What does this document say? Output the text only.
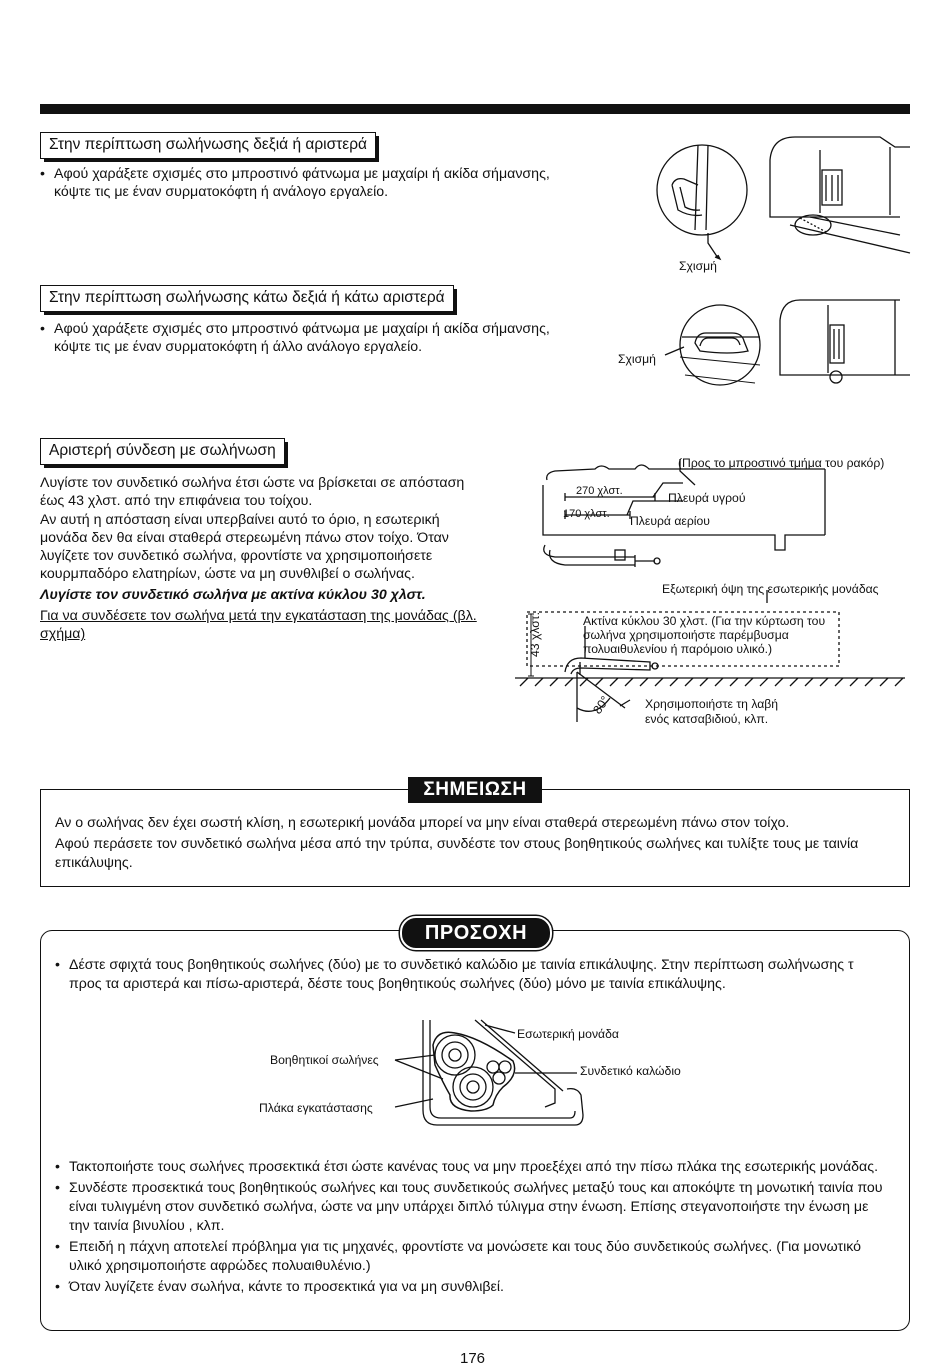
Στην περίπτωση σωλήνωσης δεξιά ή αριστερά
• Αφού χαράξετε σχισμές στο μπροστινό φάτνωμα με μαχαίρι ή ακίδα σήμανσης, κόψτε τις με έναν συρματοκόφτη ή ανάλογο εργαλείο.
Σχισμή
Στην περίπτωση σωλήνωσης κάτω δεξιά ή κάτω αριστερά
• Αφού χαράξετε σχισμές στο μπροστινό φάτνωμα με μαχαίρι ή ακίδα σήμανσης, κόψτε τις με έναν συρματοκόφτη ή άλλο ανάλογο εργαλείο.
Σχισμή
Αριστερή σύνδεση με σωλήνωση

Λυγίστε τον συνδετικό σωλήνα έτσι ώστε να βρίσκεται σε απόσταση έως 43 χλστ. από την επιφάνεια του τοίχου.

Αν αυτή η απόσταση είναι υπερβαίνει αυτό το όριο, η εσωτερική μονάδα δεν θα είναι σταθερά στερεωμένη πάνω στον τοίχο. Όταν λυγίζετε τον συνδετικό σωλήνα, φροντίστε να χρησιμοποιήσετε κουρμπαδόρο ελατηρίων, ώστε να μη συνθλιβεί ο σωλήνας.

Λυγίστε τον συνδετικό σωλήνα με ακτίνα κύκλου 30 χλστ.

Για να συνδέσετε τον σωλήνα μετά την εγκατάσταση της μονάδας (βλ. σχήμα)

(Προς το μπροστινό τμήμα του ρακόρ)
270 χλστ.	Πλευρά υγρού
170 χλστ. Πλευρά αερίου
Εξωτερική όψη της εσωτερικής μονάδας
43 χλστ.	Ακτίνα κύκλου 30 χλστ. (Για την κύρτωση του σωλήνα χρησιμοποιήστε παρέμβυσμα πολυαιθυλενίου ή παρόμοιο υλικό.)
80°	Χρησιμοποιήστε τη λαβή ενός κατσαβιδιού, κλπ.
ΣΗΜΕΙΩΣΗ
Αν ο σωλήνας δεν έχει σωστή κλίση, η εσωτερική μονάδα μπορεί να μην είναι σταθερά στερεωμένη πάνω στον τοίχο.
Αφού περάσετε τον συνδετικό σωλήνα μέσα από την τρύπα, συνδέστε τον στους βοηθητικούς σωλήνες και τυλίξτε τους με ταινία επικάλυψης.
ΠΡΟΣΟΧΗ
• Δέστε σφιχτά τους βοηθητικούς σωλήνες (δύο) με το συνδετικό καλώδιο με ταινία επικάλυψης. Στην περίπτωση σωλήνωσης τ προς τα αριστερά και πίσω-αριστερά, δέστε τους βοηθητικούς σωλήνες (δύο) μόνο με ταινία επικάλυψης.

Εσωτερική μονάδα
Βοηθητικοί σωλήνες
Συνδετικό καλώδιο
Πλάκα εγκατάστασης
• Τακτοποιήστε τους σωλήνες προσεκτικά έτσι ώστε κανένας τους να μην προεξέχει από την πίσω πλάκα της εσωτερικής μονάδας.

• Συνδέστε προσεκτικά τους βοηθητικούς σωλήνες και τους συνδετικούς σωλήνες μεταξύ τους και αποκόψτε τη μονωτική ταινία που είναι τυλιγμένη στον συνδετικό σωλήνα, ώστε να μην υπάρχει διπλό τύλιγμα στην ένωση. Επίσης στεγανοποιήστε την ένωση με την ταινία βινυλίου , κλπ.

• Επειδή η πάχνη αποτελεί πρόβλημα για τις μηχανές, φροντίστε να μονώσετε και τους δύο συνδετικούς σωλήνες. (Για μονωτικό υλικό χρησιμοποιήστε αφρώδες πολυαιθυλένιο.)

• Όταν λυγίζετε έναν σωλήνα, κάντε το προσεκτικά για να μη συνθλιβεί.

176
